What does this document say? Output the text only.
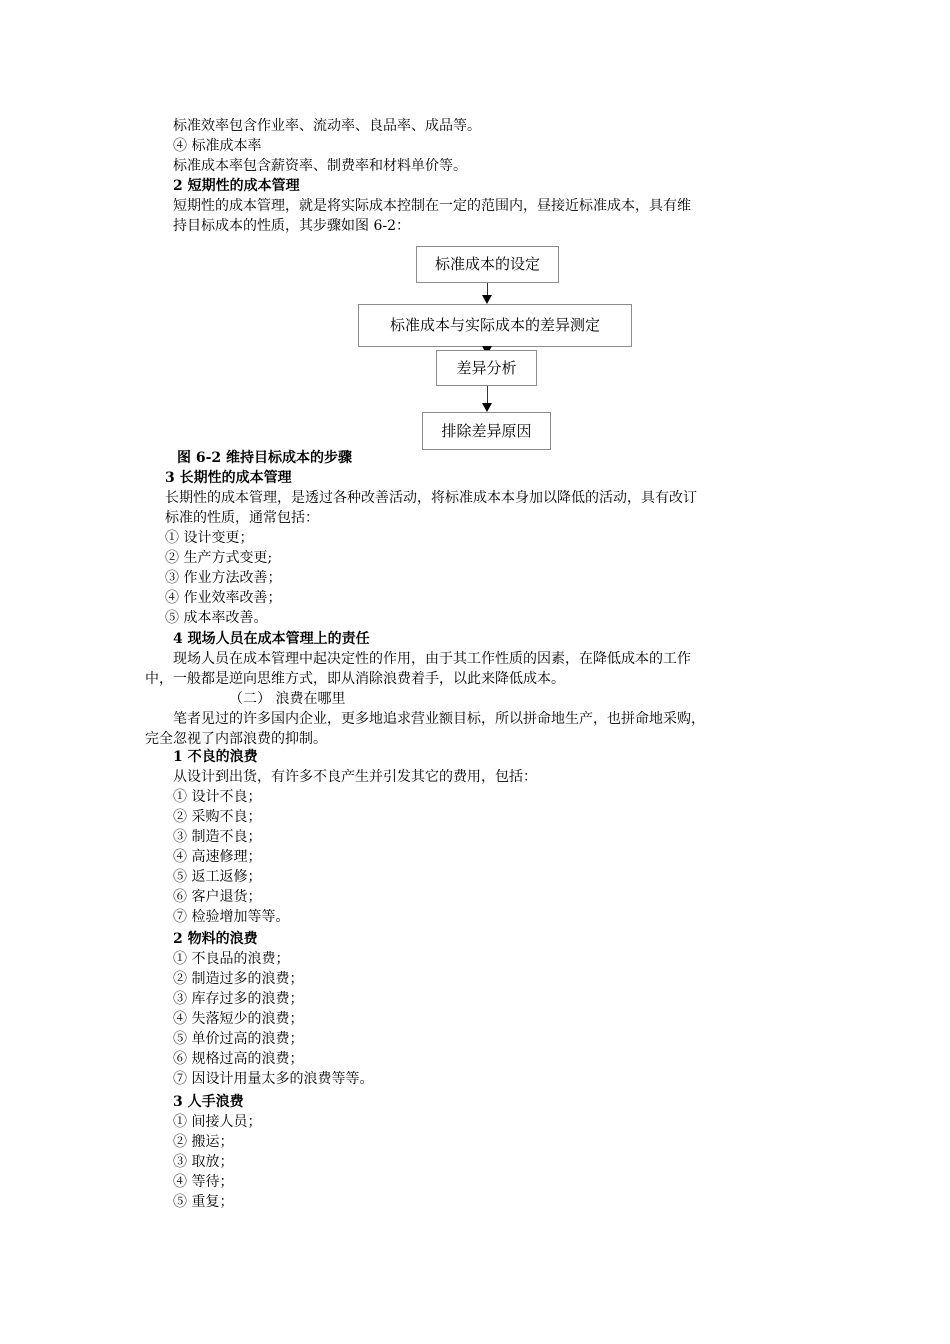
标准效率包含作业率、流动率、良品率、成品等。
④ 标准成本率
标准成本率包含薪资率、制费率和材料单价等。
2 短期性的成本管理
短期性的成本管理，就是将实际成本控制在一定的范围内，昼接近标准成本，具有维
持目标成本的性质，其步骤如图 6-2：
标准成本的设定
标准成本与实际成本的差异测定
差异分析
排除差异原因
图 6-2 维持目标成本的步骤
3 长期性的成本管理
长期性的成本管理，是透过各种改善活动，将标准成本本身加以降低的活动，具有改订
标准的性质，通常包括：
① 设计变更；
② 生产方式变更;
③ 作业方法改善；
④ 作业效率改善；
⑤ 成本率改善。
4 现场人员在成本管理上的责任
现场人员在成本管理中起决定性的作用，由于其工作性质的因素，在降低成本的工作
中，一般都是逆向思维方式，即从消除浪费着手，以此来降低成本。
（二） 浪费在哪里
笔者见过的许多国内企业，更多地追求营业额目标，所以拼命地生产，也拼命地采购，
完全忽视了内部浪费的抑制。
1 不良的浪费
从设计到出货，有许多不良产生并引发其它的费用，包括：
① 设计不良；
② 采购不良；
③ 制造不良；
④ 高速修理；
⑤ 返工返修；
⑥ 客户退货；
⑦ 检验增加等等。
2 物料的浪费
① 不良品的浪费；
② 制造过多的浪费；
③ 库存过多的浪费；
④ 失落短少的浪费；
⑤ 单价过高的浪费；
⑥ 规格过高的浪费；
⑦ 因设计用量太多的浪费等等。
3 人手浪费
① 间接人员；
② 搬运；
③ 取放；
④ 等待；
⑤ 重复；
